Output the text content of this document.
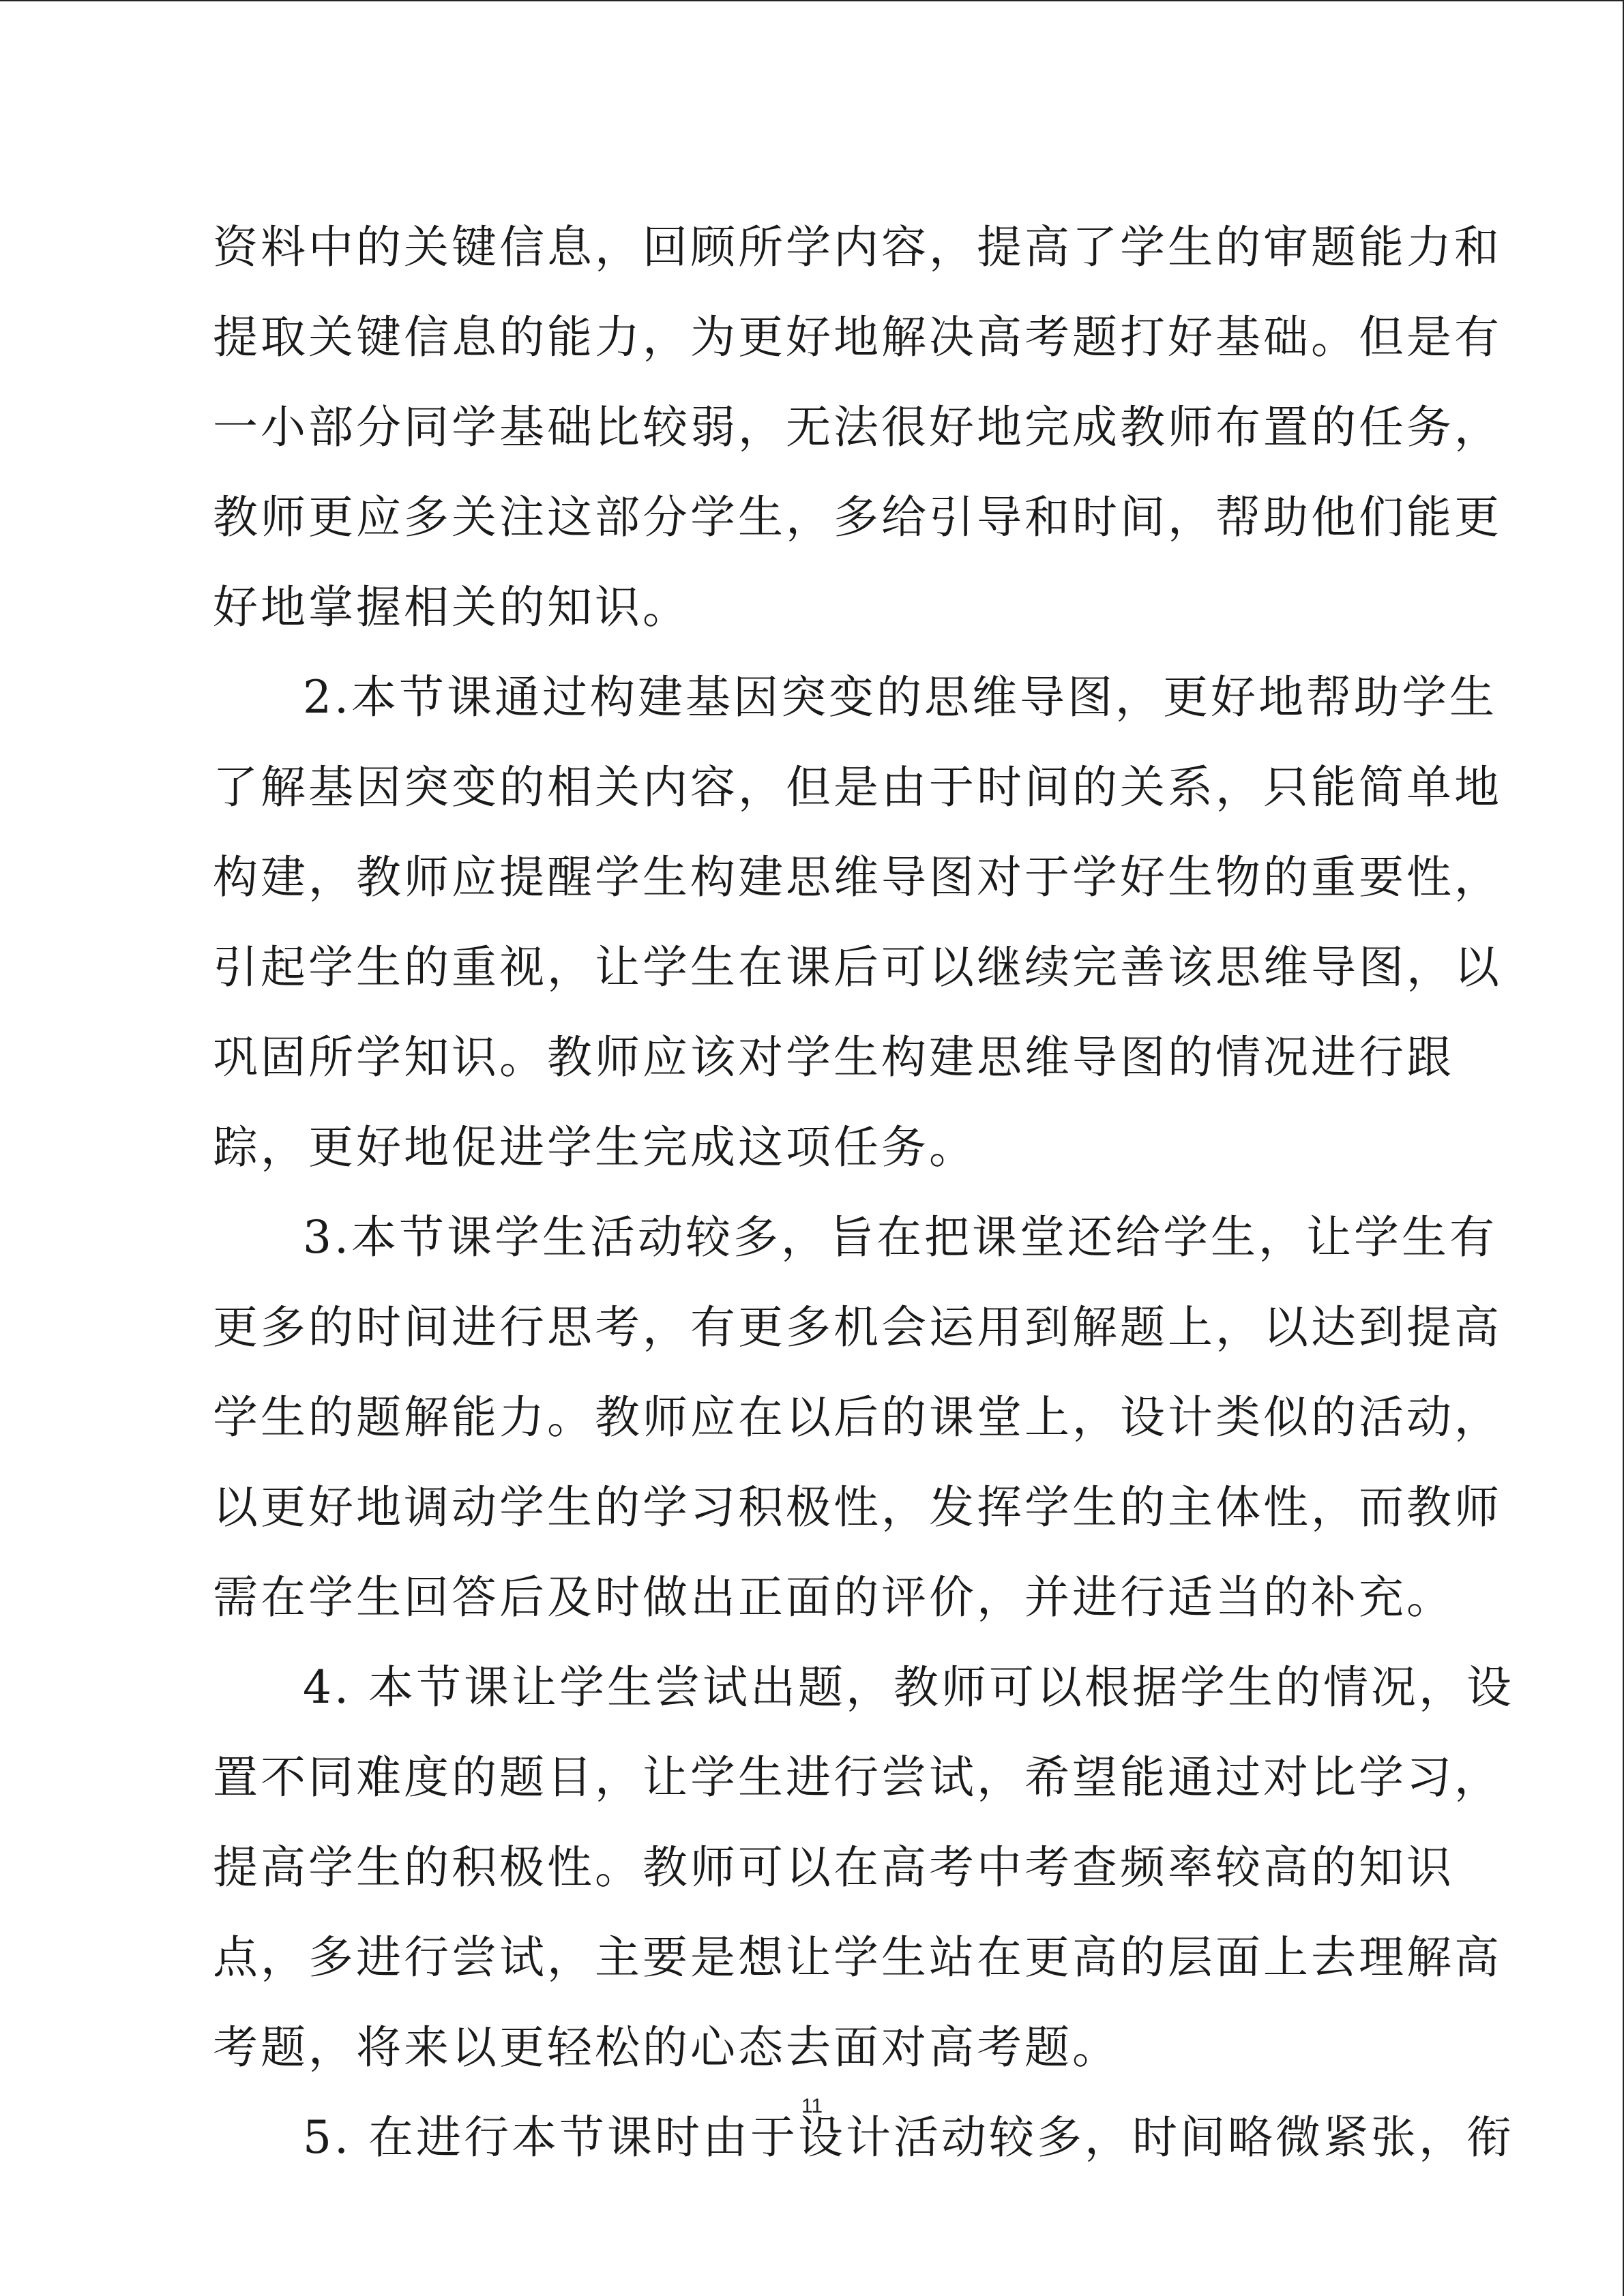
资料中的关键信息，回顾所学内容，提高了学生的审题能力和
提取关键信息的能力，为更好地解决高考题打好基础。但是有
一小部分同学基础比较弱，无法很好地完成教师布置的任务，
教师更应多关注这部分学生，多给引导和时间，帮助他们能更
好地掌握相关的知识。
2.本节课通过构建基因突变的思维导图，更好地帮助学生
了解基因突变的相关内容，但是由于时间的关系，只能简单地
构建，教师应提醒学生构建思维导图对于学好生物的重要性，
引起学生的重视，让学生在课后可以继续完善该思维导图，以
巩固所学知识。教师应该对学生构建思维导图的情况进行跟
踪，更好地促进学生完成这项任务。
3.本节课学生活动较多，旨在把课堂还给学生，让学生有
更多的时间进行思考，有更多机会运用到解题上，以达到提高
学生的题解能力。教师应在以后的课堂上，设计类似的活动，
以更好地调动学生的学习积极性，发挥学生的主体性，而教师
需在学生回答后及时做出正面的评价，并进行适当的补充。
4. 本节课让学生尝试出题，教师可以根据学生的情况，设
置不同难度的题目，让学生进行尝试，希望能通过对比学习，
提高学生的积极性。教师可以在高考中考查频率较高的知识
点，多进行尝试，主要是想让学生站在更高的层面上去理解高
考题，将来以更轻松的心态去面对高考题。
5. 在进行本节课时由于设计活动较多，时间略微紧张，衔
11
